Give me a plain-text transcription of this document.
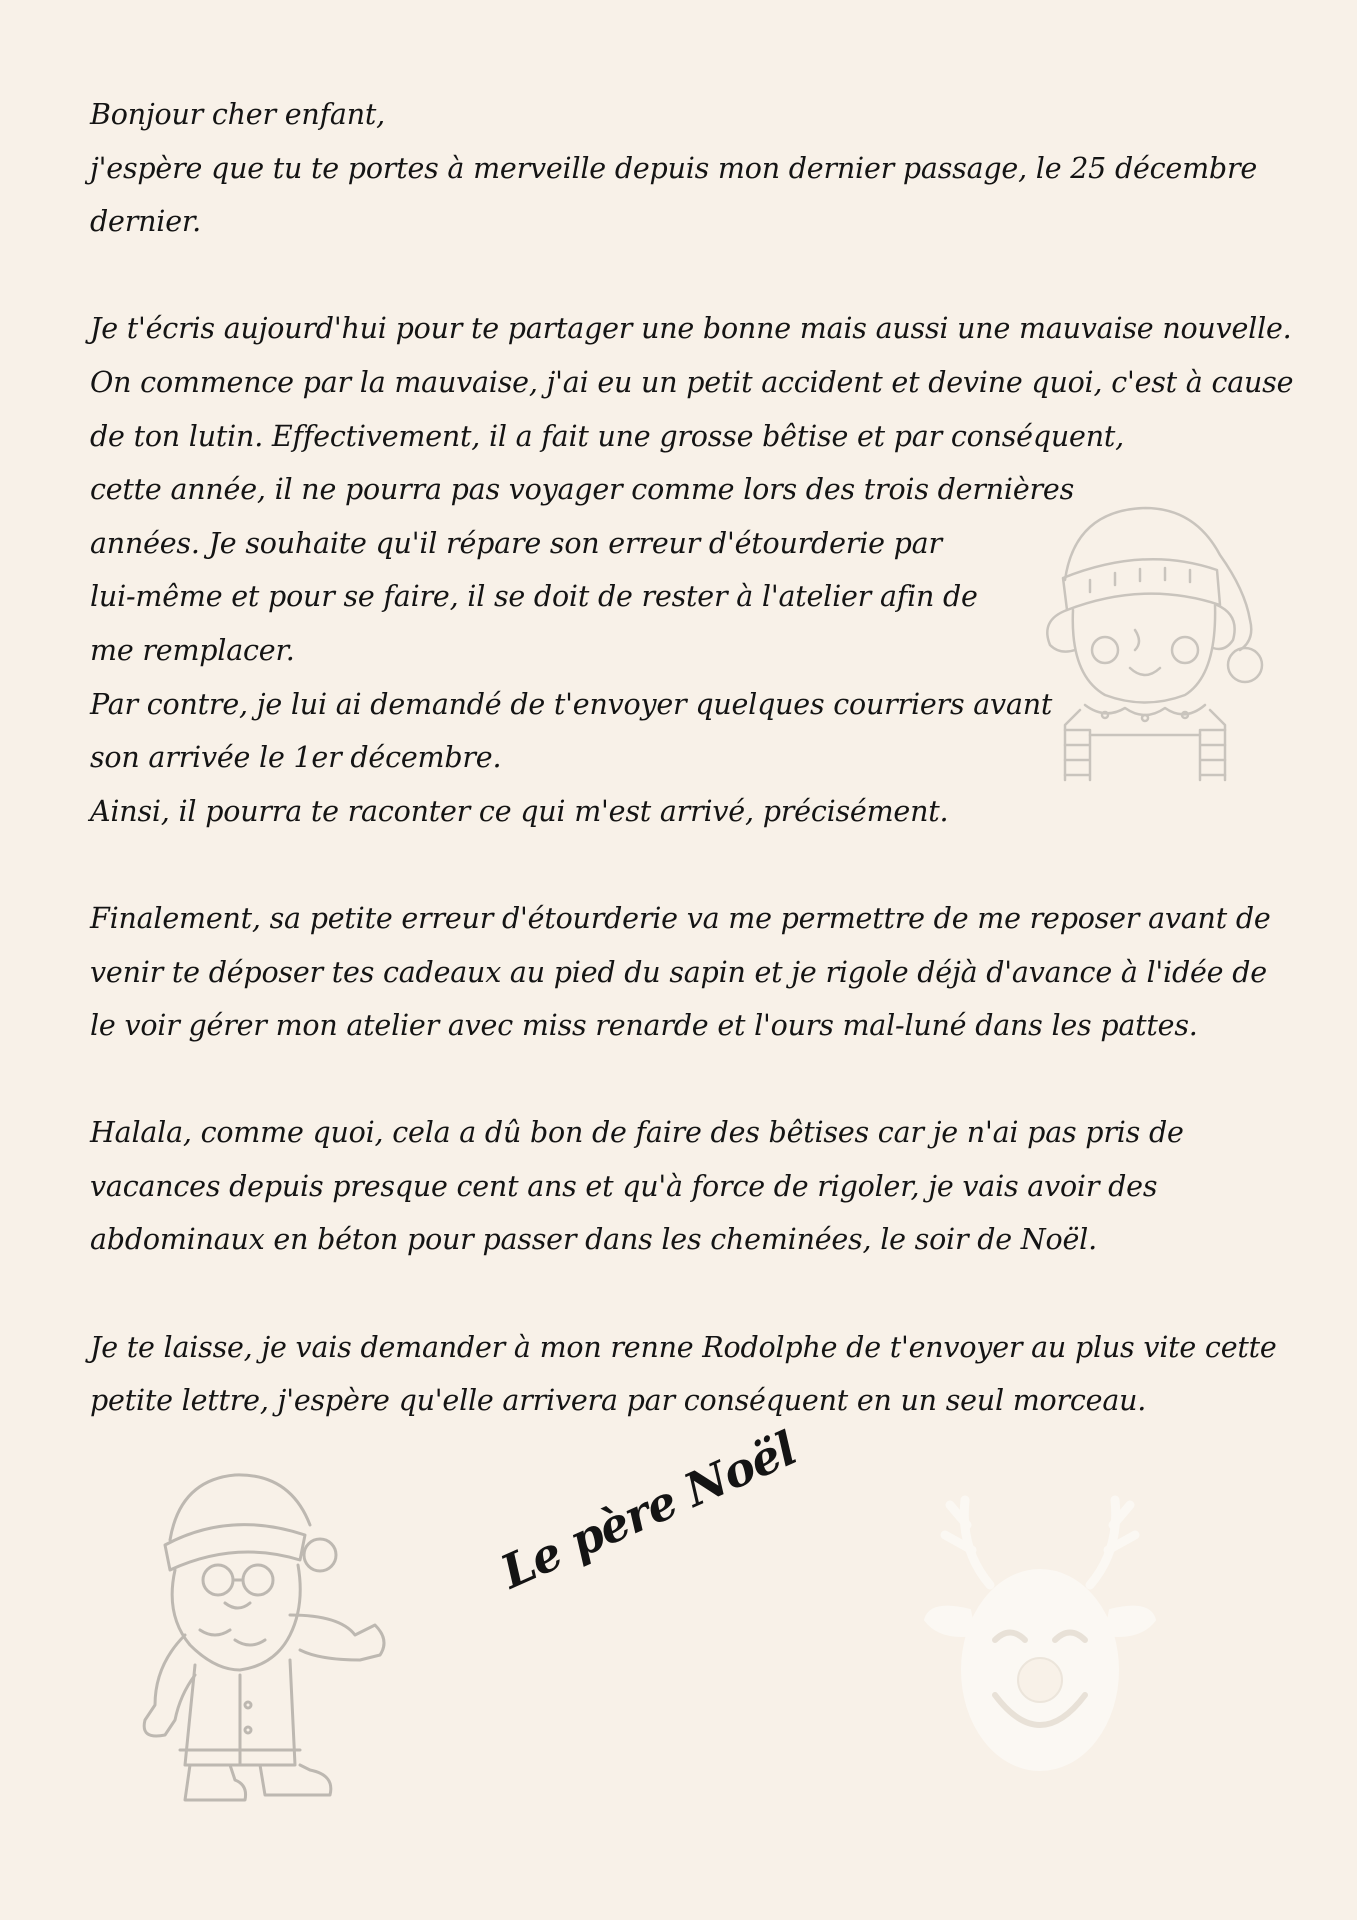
Bonjour cher enfant,
j'espère que tu te portes à merveille depuis mon dernier passage, le 25 décembre
dernier.
Je t'écris aujourd'hui pour te partager une bonne mais aussi une mauvaise nouvelle.
On commence par la mauvaise, j'ai eu un petit accident et devine quoi, c'est à cause
de ton lutin. Effectivement, il a fait une grosse bêtise et par conséquent,
cette année, il ne pourra pas voyager comme lors des trois dernières
années. Je souhaite qu'il répare son erreur d'étourderie par
lui-même et pour se faire, il se doit de rester à l'atelier afin de
me remplacer.
Par contre, je lui ai demandé de t'envoyer quelques courriers avant
son arrivée le 1er décembre.
Ainsi, il pourra te raconter ce qui m'est arrivé, précisément.
Finalement, sa petite erreur d'étourderie va me permettre de me reposer avant de
venir te déposer tes cadeaux au pied du sapin et je rigole déjà d'avance à l'idée de
le voir gérer mon atelier avec miss renarde et l'ours mal-luné dans les pattes.
Halala, comme quoi, cela a dû bon de faire des bêtises car je n'ai pas pris de
vacances depuis presque cent ans et qu'à force de rigoler, je vais avoir des
abdominaux en béton pour passer dans les cheminées, le soir de Noël.
Je te laisse, je vais demander à mon renne Rodolphe de t'envoyer au plus vite cette
petite lettre, j'espère qu'elle arrivera par conséquent en un seul morceau.
Le père Noël
